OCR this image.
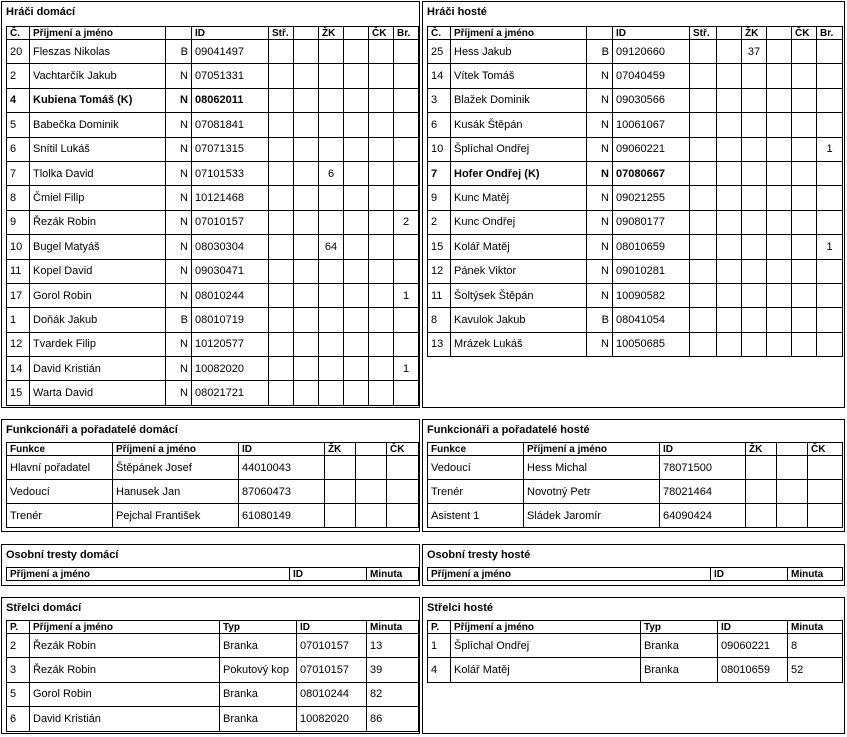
Hráči domácí
Č.	Příjmení a jméno		ID	Stř.		ŽK		ČK	Br.
20	Fleszas Nikolas	B	09041497						
2	Vachtarčík Jakub	N	07051331						
4	Kubiena Tomáš (K)	N	08062011						
5	Babečka Dominik	N	07081841						
6	Snítil Lukáš	N	07071315						
7	Tlolka David	N	07101533			6			
8	Čmiel Filip	N	10121468						
9	Řezák Robin	N	07010157						2
10	Bugel Matyáš	N	08030304			64			
11	Kopel David	N	09030471						
17	Gorol Robin	N	08010244						1
1	Doňák Jakub	B	08010719						
12	Tvardek Filip	N	10120577						
14	David Kristián	N	10082020						1
15	Warta David	N	08021721						
Hráči hosté
Č.	Příjmení a jméno		ID	Stř.		ŽK		ČK	Br.
25	Hess Jakub	B	09120660			37			
14	Vítek Tomáš	N	07040459						
3	Blažek Dominik	N	09030566						
6	Kusák Štěpán	N	10061067						
10	Šplíchal Ondřej	N	09060221						1
7	Hofer Ondřej (K)	N	07080667						
9	Kunc Matěj	N	09021255						
2	Kunc Ondřej	N	09080177						
15	Kolář Matěj	N	08010659						1
12	Pánek Viktor	N	09010281						
11	Šoltýsek Štěpán	N	10090582						
8	Kavulok Jakub	B	08041054						
13	Mrázek Lukáš	N	10050685						
Funkcionáři a pořadatelé domácí
Funkce	Příjmení a jméno	ID	ŽK		ČK
Hlavní pořadatel	Štěpánek Josef	44010043			
Vedoucí	Hanusek Jan	87060473			
Trenér	Pejchal František	61080149			
Funkcionáři a pořadatelé hosté
Funkce	Příjmení a jméno	ID	ŽK		ČK
Vedoucí	Hess Michal	78071500			
Trenér	Novotný Petr	78021464			
Asistent 1	Sládek Jaromír	64090424			
Osobní tresty domácí
Příjmení a jméno	ID	Minuta
Osobní tresty hosté
Příjmení a jméno	ID	Minuta
Střelci domácí
P.	Příjmení a jméno	Typ	ID	Minuta
2	Řezák Robin	Branka	07010157	13
3	Řezák Robin	Pokutový kop	07010157	39
5	Gorol Robin	Branka	08010244	82
6	David Kristián	Branka	10082020	86
Střelci hosté
P.	Příjmení a jméno	Typ	ID	Minuta
1	Šplíchal Ondřej	Branka	09060221	8
4	Kolář Matěj	Branka	08010659	52
